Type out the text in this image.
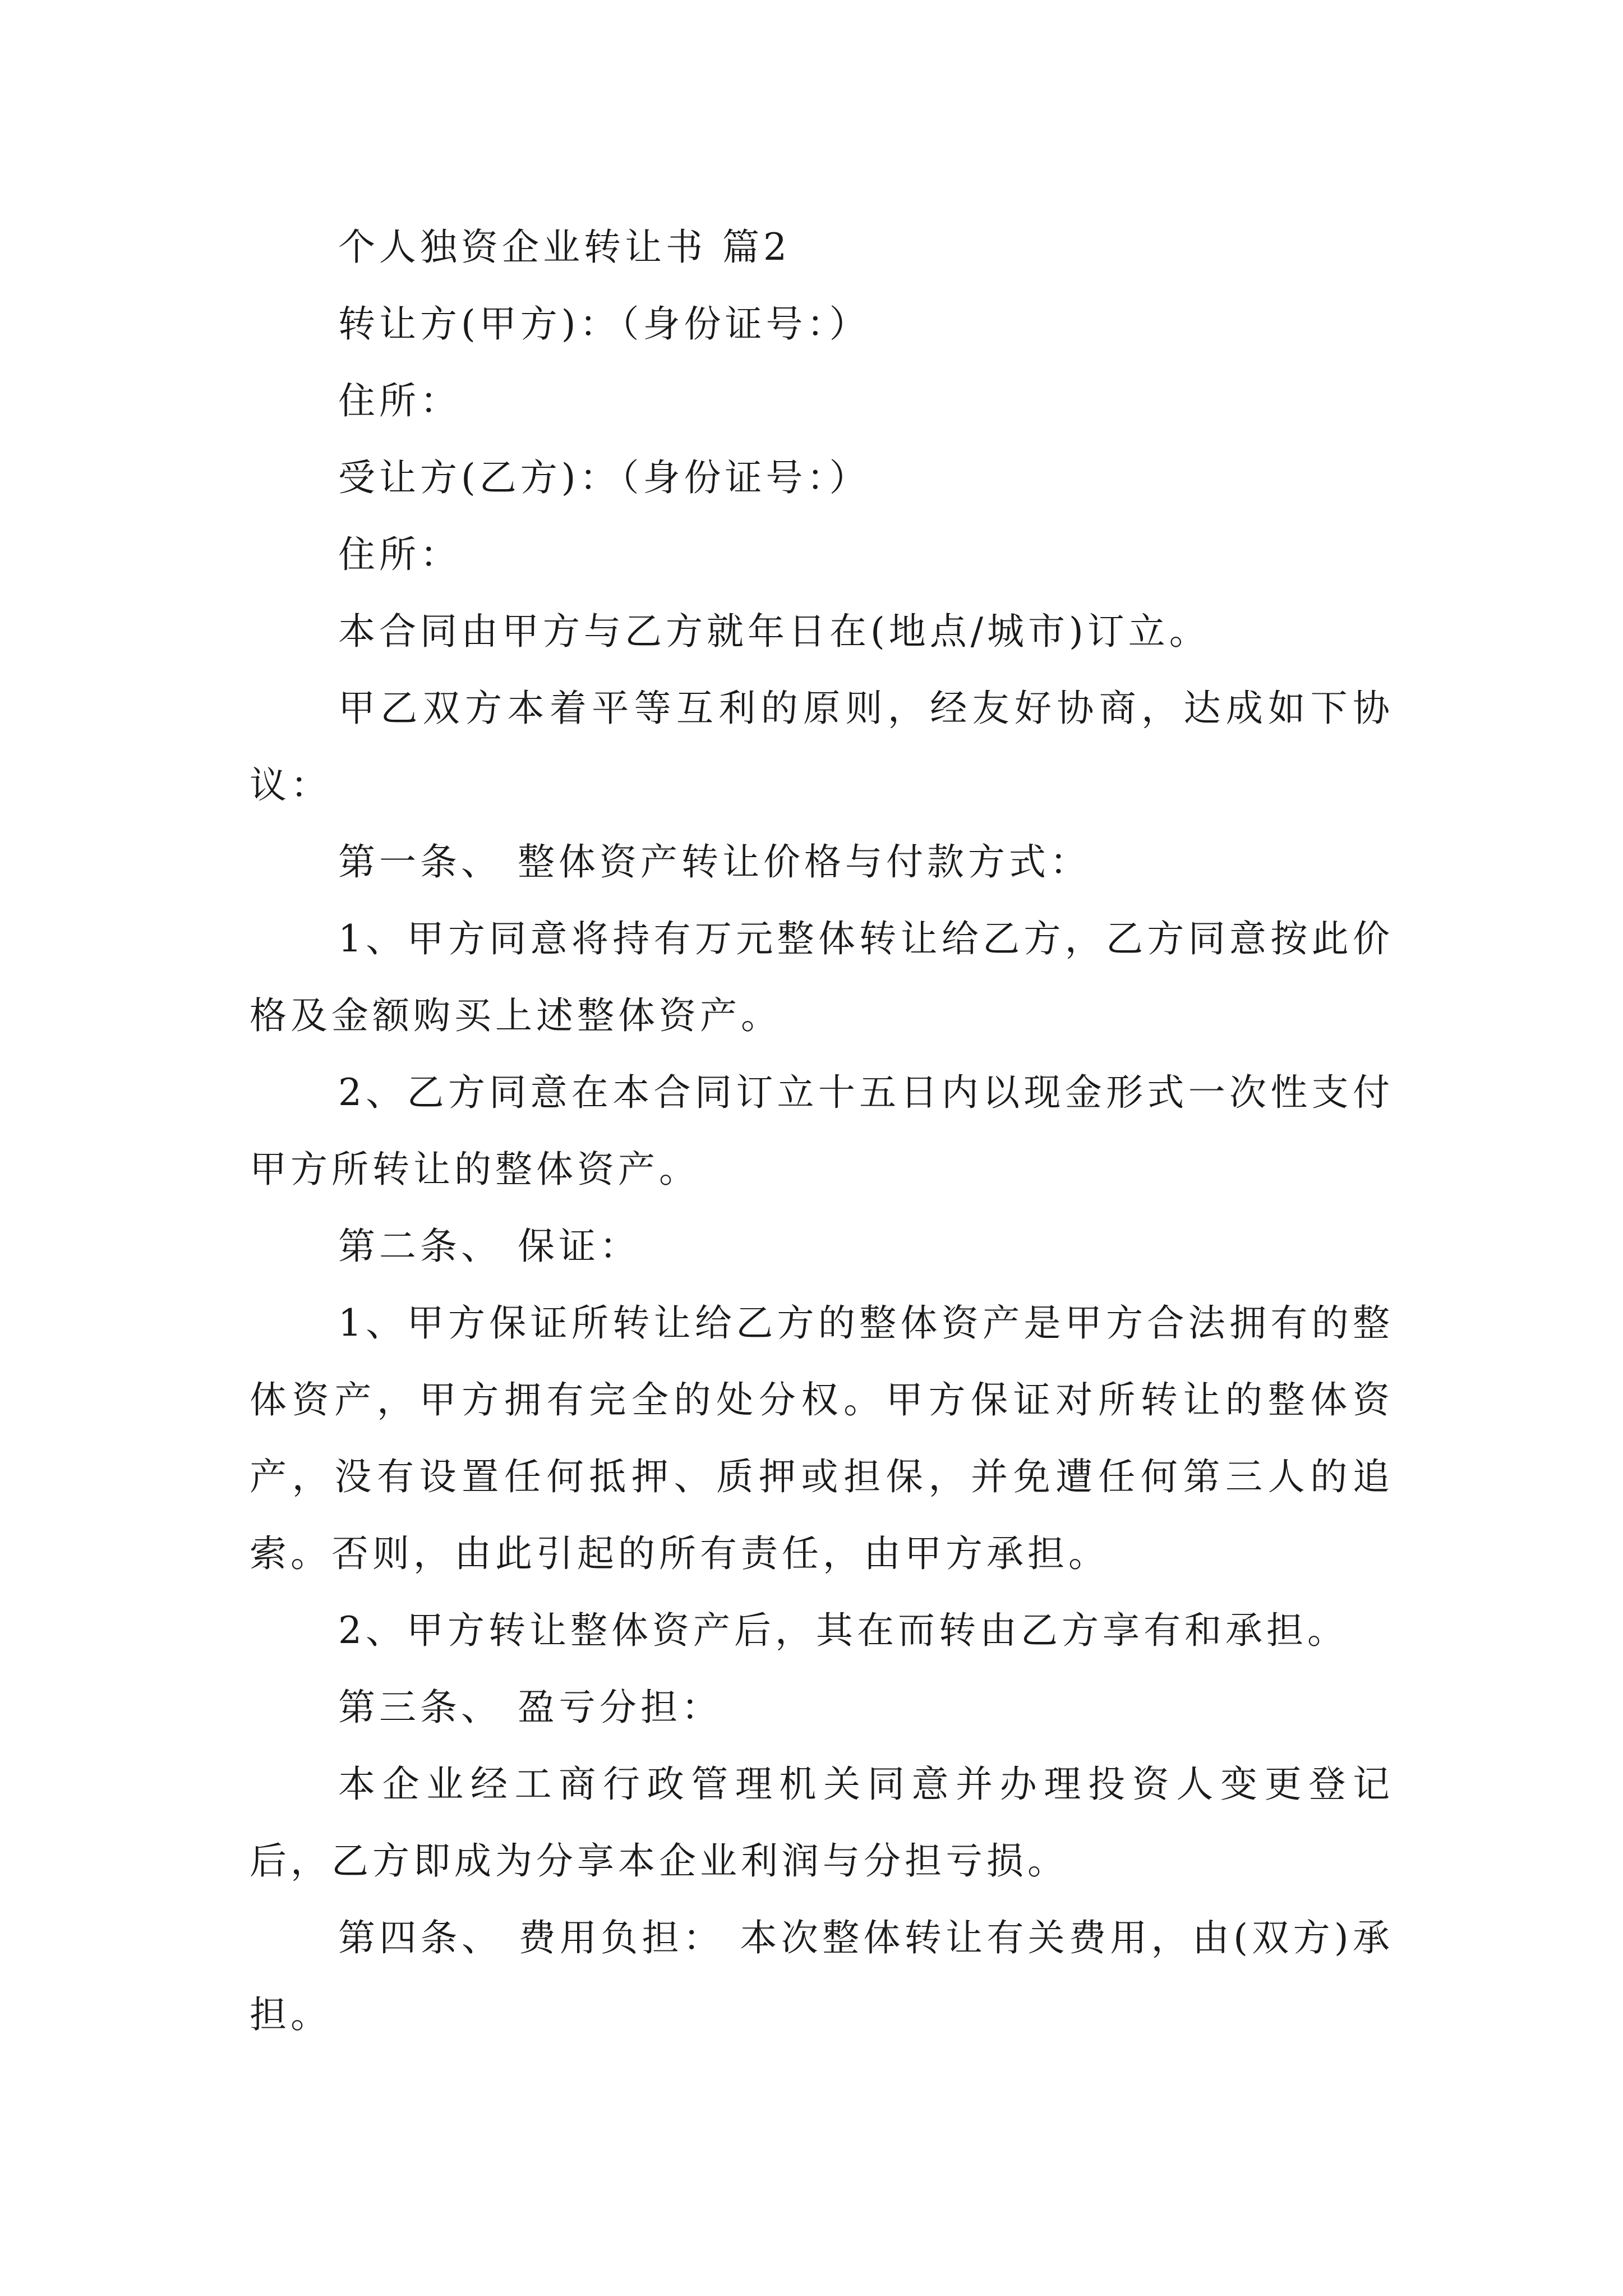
个人独资企业转让书 篇2

转让方(甲方)：（身份证号：）

住所：

受让方(乙方)：（身份证号：）

住所：

本合同由甲方与乙方就年日在(地点/城市)订立。

甲乙双方本着平等互利的原则，经友好协商，达成如下协议：

第一条、 整体资产转让价格与付款方式：

1、甲方同意将持有万元整体转让给乙方，乙方同意按此价格及金额购买上述整体资产。

2、乙方同意在本合同订立十五日内以现金形式一次性支付甲方所转让的整体资产。

第二条、 保证：

1、甲方保证所转让给乙方的整体资产是甲方合法拥有的整体资产，甲方拥有完全的处分权。甲方保证对所转让的整体资产，没有设置任何抵押、质押或担保，并免遭任何第三人的追索。否则，由此引起的所有责任，由甲方承担。

2、甲方转让整体资产后，其在而转由乙方享有和承担。

第三条、 盈亏分担：

本企业经工商行政管理机关同意并办理投资人变更登记后，乙方即成为分享本企业利润与分担亏损。

第四条、 费用负担： 本次整体转让有关费用，由(双方)承担。
